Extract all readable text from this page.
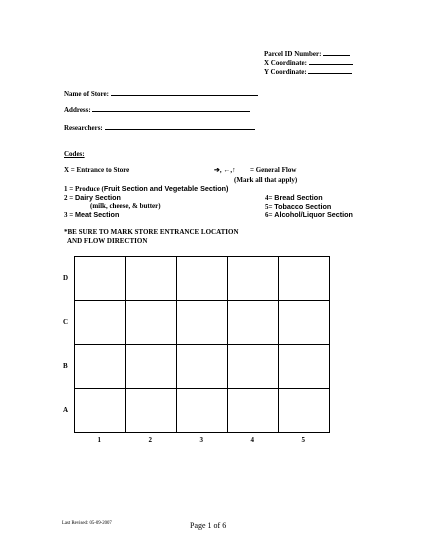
Parcel ID Number:
X Coordinate:
Y Coordinate:
Name of Store:
Address:
Researchers:
Codes:
X = Entrance to Store	➔, ←,↑ = General Flow
(Mark all that apply)
1 = Produce (Fruit Section and Vegetable Section)
2 = Dairy Section	4= Bread Section
(milk, cheese, & butter)	5= Tobacco Section
3 = Meat Section	6= Alcohol/Liquor Section
*BE SURE TO MARK STORE ENTRANCE LOCATION
AND FLOW DIRECTION
D
C
B
A
1	2	3	4	5
Last Revised: 05-09-2007	Page 1 of 6
